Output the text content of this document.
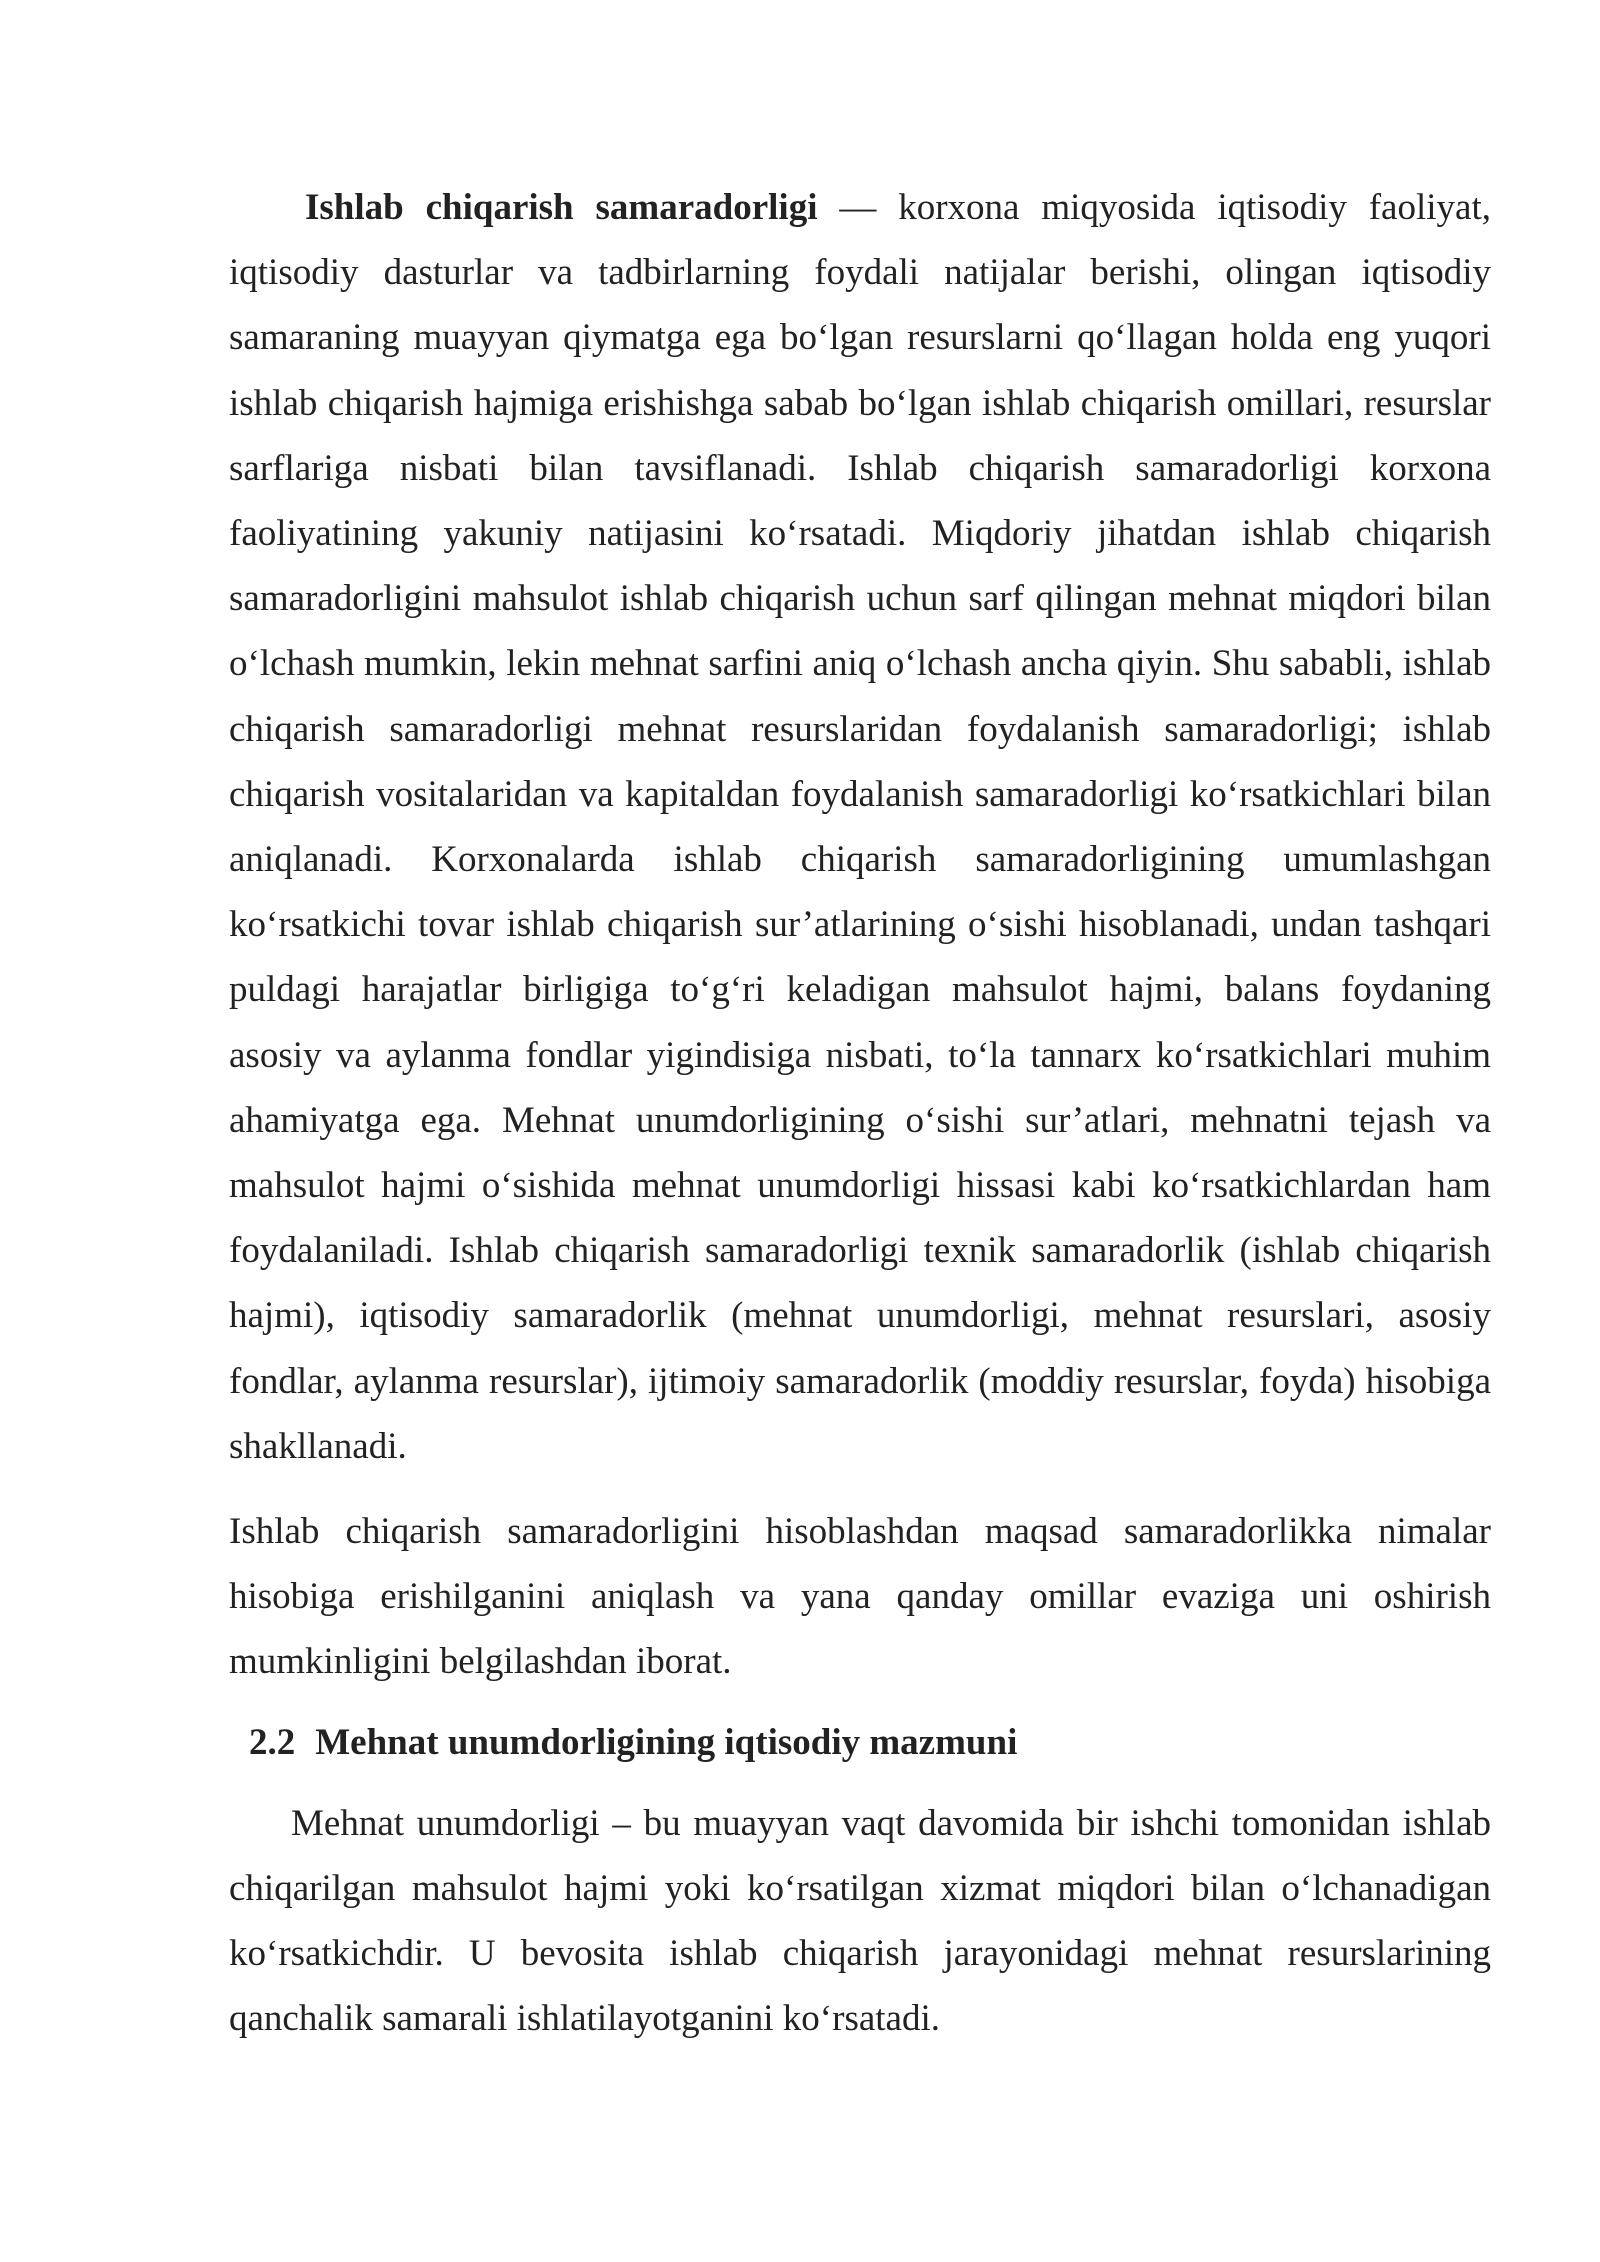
Ishlab chiqarish samaradorligi — korxona miqyosida iqtisodiy faoliyat, iqtisodiy dasturlar va tadbirlarning foydali natijalar berishi, olingan iqtisodiy samaraning muayyan qiymatga ega boʻlgan resurslarni qoʻllagan holda eng yuqori ishlab chiqarish hajmiga erishishga sabab boʻlgan ishlab chiqarish omillari, resurslar sarflariga nisbati bilan tavsiflanadi. Ishlab chiqarish samaradorligi korxona faoliyatining yakuniy natijasini koʻrsatadi. Miqdoriy jihatdan ishlab chiqarish samaradorligini mahsulot ishlab chiqarish uchun sarf qilingan mehnat miqdori bilan oʻlchash mumkin, lekin mehnat sarfini aniq oʻlchash ancha qiyin. Shu sababli, ishlab chiqarish samaradorligi mehnat resurslaridan foydalanish samaradorligi; ishlab chiqarish vositalaridan va kapitaldan foydalanish samaradorligi koʻrsatkichlari bilan aniqlanadi. Korxonalarda ishlab chiqarish samaradorligining umumlashgan koʻrsatkichi tovar ishlab chiqarish sur’atlarining oʻsishi hisoblanadi, undan tashqari puldagi harajatlar birligiga toʻgʻri keladigan mahsulot hajmi, balans foydaning asosiy va aylanma fondlar yigindisiga nisbati, toʻla tannarx koʻrsatkichlari muhim ahamiyatga ega. Mehnat unumdorligining oʻsishi sur’atlari, mehnatni tejash va mahsulot hajmi oʻsishida mehnat unumdorligi hissasi kabi koʻrsatkichlardan ham foydalaniladi. Ishlab chiqarish samaradorligi texnik samaradorlik (ishlab chiqarish hajmi), iqtisodiy samaradorlik (mehnat unumdorligi, mehnat resurslari, asosiy fondlar, aylanma resurslar), ijtimoiy samaradorlik (moddiy resurslar, foyda) hisobiga shakllanadi.

Ishlab chiqarish samaradorligini hisoblashdan maqsad samaradorlikka nimalar hisobiga erishilganini aniqlash va yana qanday omillar evaziga uni oshirish mumkinligini belgilashdan iborat.

2.2 Mehnat unumdorligining iqtisodiy mazmuni

Mehnat unumdorligi – bu muayyan vaqt davomida bir ishchi tomonidan ishlab chiqarilgan mahsulot hajmi yoki koʻrsatilgan xizmat miqdori bilan oʻlchanadigan koʻrsatkichdir. U bevosita ishlab chiqarish jarayonidagi mehnat resurslarining qanchalik samarali ishlatilayotganini koʻrsatadi.
